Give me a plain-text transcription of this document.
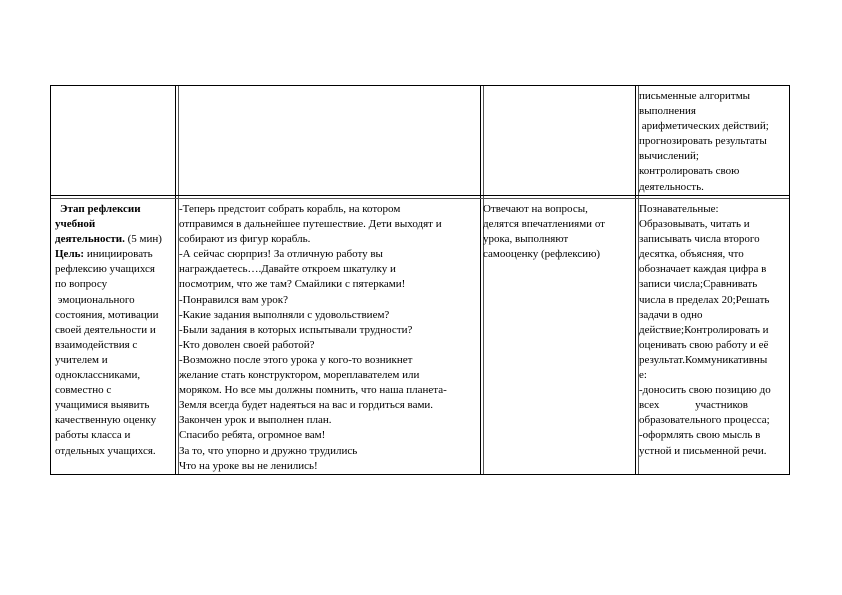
письменные алгоритмы
выполнения
арифметических действий;
прогнозировать результаты
вычислений;
контролировать свою
деятельность.
Этап рефлексии
учебной
деятельности. (5 мин)
Цель: инициировать
рефлексию учащихся
по вопросу
эмоционального
состояния, мотивации
своей деятельности и
взаимодействия с
учителем и
одноклассниками,
совместно с
учащимися выявить
качественную оценку
работы класса и
отдельных учащихся.
-Теперь предстоит собрать корабль, на котором
отправимся в дальнейшее путешествие. Дети выходят и
собирают из фигур корабль.
-А сейчас сюрприз! За отличную работу вы
награждаетесь….Давайте откроем шкатулку и
посмотрим, что же там? Смайлики с пятерками!
-Понравился вам урок?
-Какие задания выполняли с удовольствием?
-Были задания в которых испытывали трудности?
-Кто доволен своей работой?
-Возможно после этого урока у кого-то возникнет
желание стать конструктором, мореплавателем или
моряком. Но все мы должны помнить, что наша планета-
Земля всегда будет надеяться на вас и гордиться вами.
Закончен урок и выполнен план.
Спасибо ребята, огромное вам!
За то, что упорно и дружно трудились
Что на уроке вы не ленились!
Отвечают на вопросы,
делятся впечатлениями от
урока, выполняют
самооценку (рефлексию)
Познавательные:
Образовывать, читать и
записывать числа второго
десятка, объясняя, что
обозначает каждая цифра в
записи числа;Сравнивать
числа в пределах 20;Решать
задачи в одно
действие;Контролировать и
оценивать свою работу и её
результат.Коммуникативны
е:
-доносить свою позицию до
всех             участников
образовательного процесса;
-оформлять свою мысль в
устной и письменной речи.
